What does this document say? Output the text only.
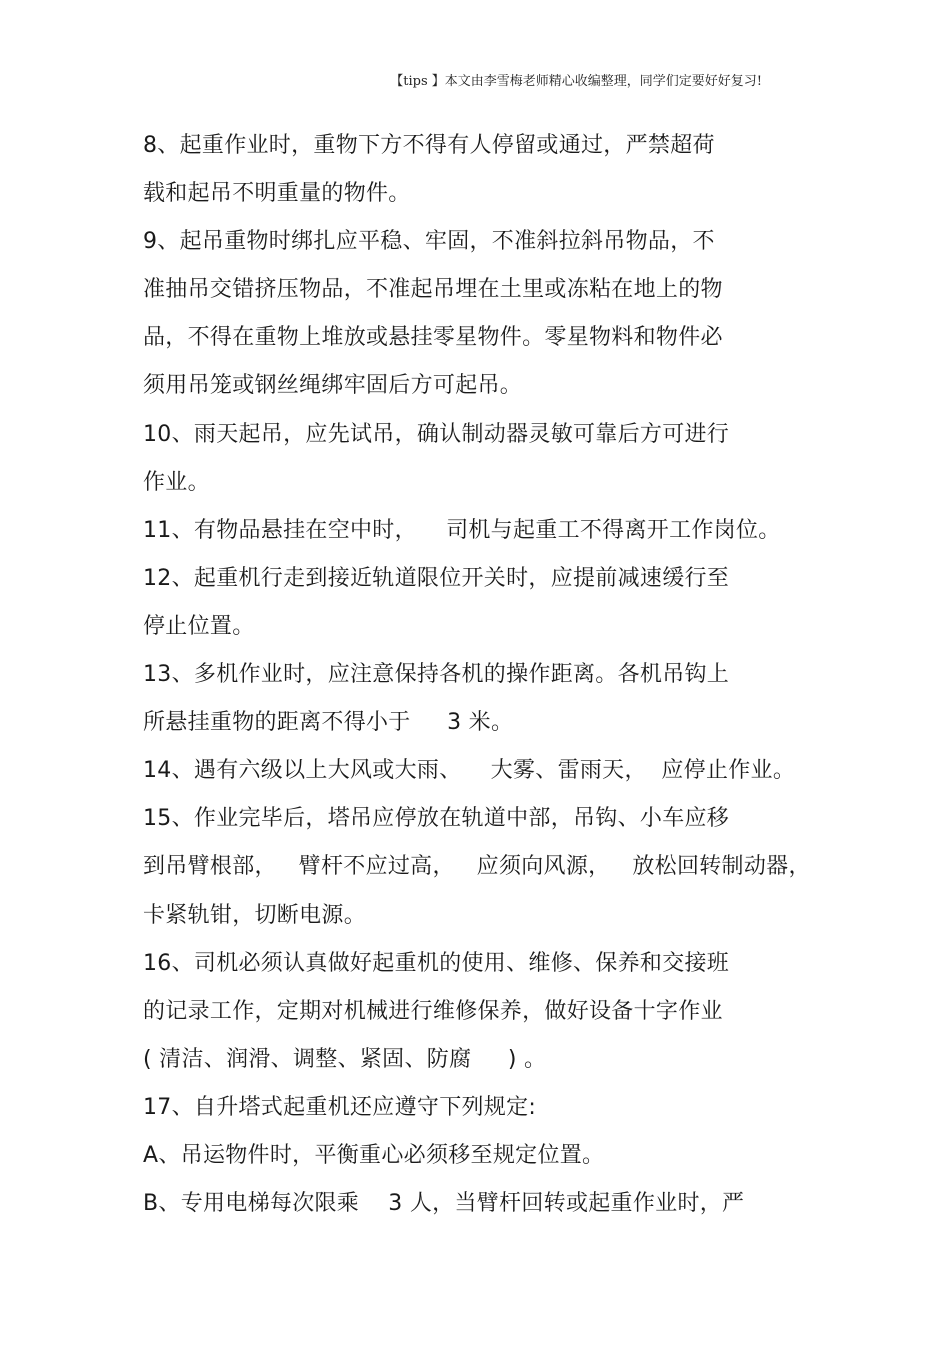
【tips 】本文由李雪梅老师精心收编整理，同学们定要好好复习!
8、起重作业时，重物下方不得有人停留或通过，严禁超荷
载和起吊不明重量的物件。
9、起吊重物时绑扎应平稳、牢固，不准斜拉斜吊物品，不
准抽吊交错挤压物品，不准起吊埋在土里或冻粘在地上的物
品，不得在重物上堆放或悬挂零星物件。零星物料和物件必
须用吊笼或钢丝绳绑牢固后方可起吊。
10、雨天起吊，应先试吊，确认制动器灵敏可靠后方可进行
作业。
11、有物品悬挂在空中时，    司机与起重工不得离开工作岗位。
12、起重机行走到接近轨道限位开关时，应提前减速缓行至
停止位置。
13、多机作业时，应注意保持各机的操作距离。各机吊钩上
所悬挂重物的距离不得小于     3 米。
14、遇有六级以上大风或大雨、    大雾、雷雨天，  应停止作业。
15、作业完毕后，塔吊应停放在轨道中部，吊钩、小车应移
到吊臂根部，   臂杆不应过高，   应须向风源，   放松回转制动器，
卡紧轨钳，切断电源。
16、司机必须认真做好起重机的使用、维修、保养和交接班
的记录工作，定期对机械进行维修保养，做好设备十字作业
( 清洁、润滑、调整、紧固、防腐     ) 。
17、自升塔式起重机还应遵守下列规定:
A、吊运物件时，平衡重心必须移至规定位置。
B、专用电梯每次限乘    3 人，当臂杆回转或起重作业时，严
